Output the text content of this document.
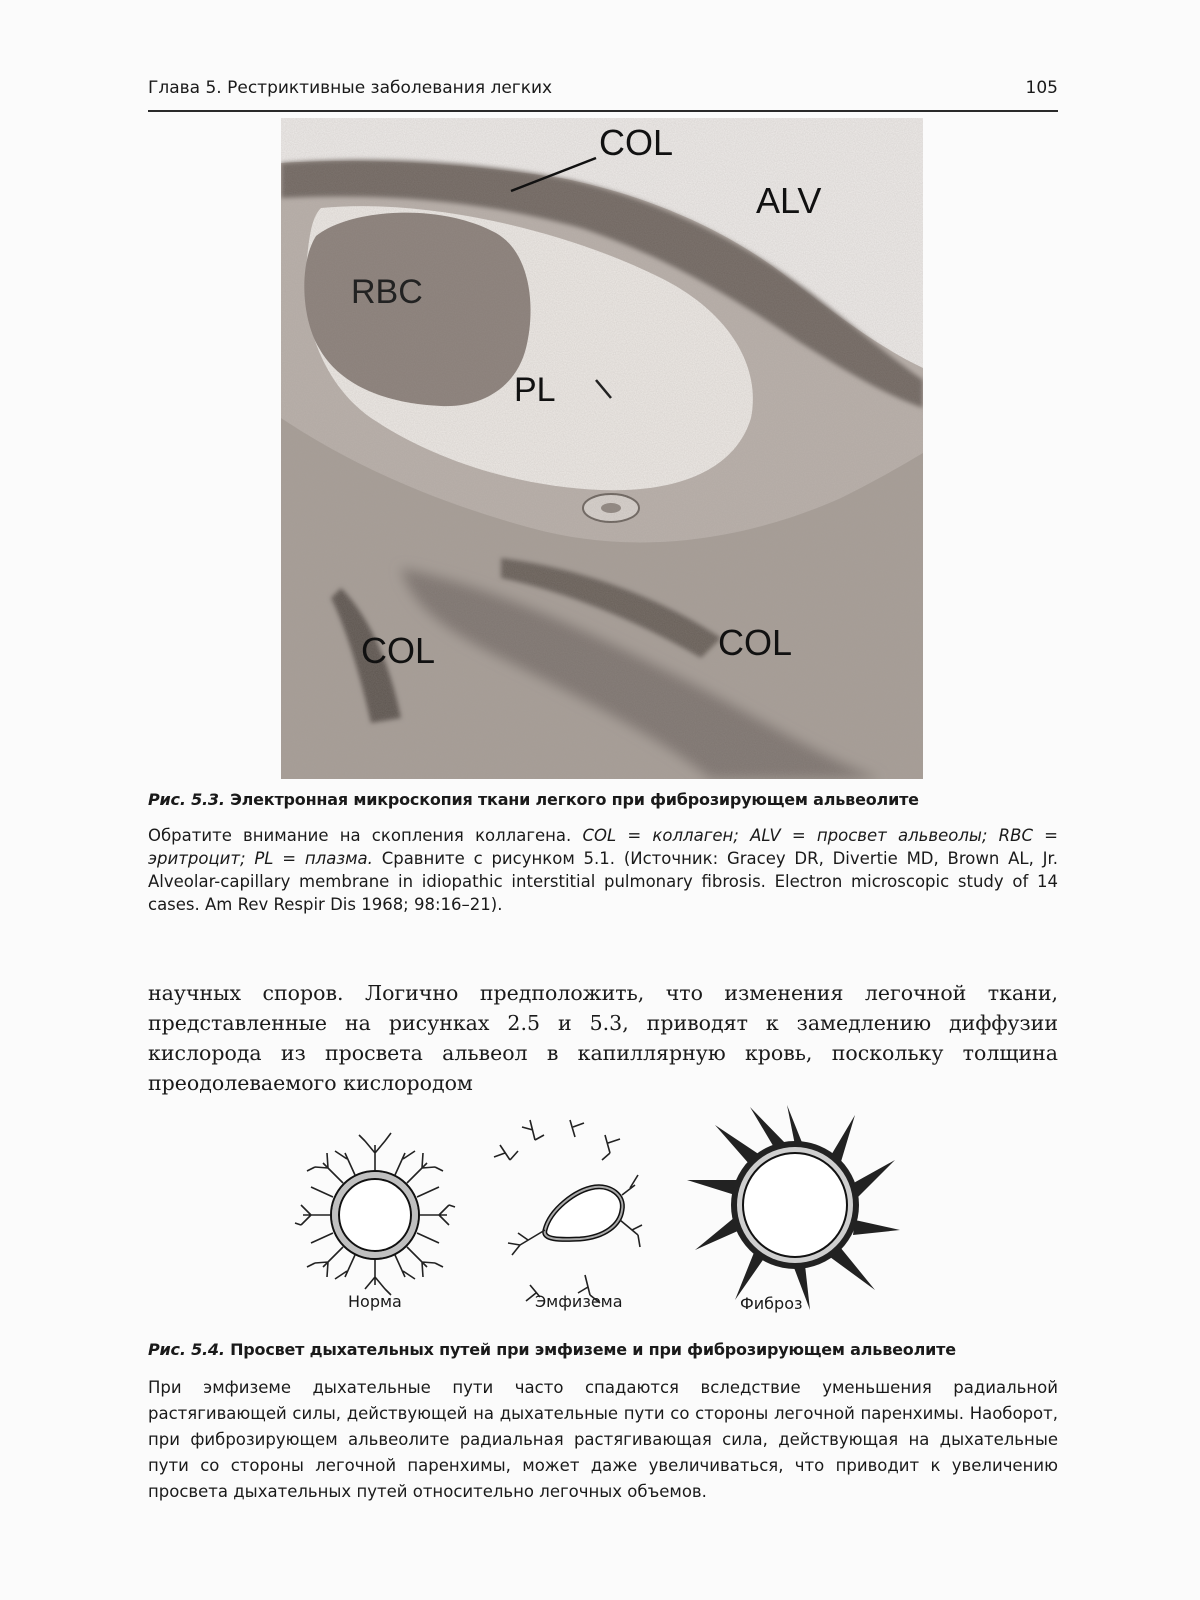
Глава 5. Рестриктивные заболевания легких	105
COL
ALV
RBC
PL
COL	COL
Рис. 5.3. Электронная микроскопия ткани легкого при фиброзирующем альвеолите
Обратите внимание на скопления коллагена. COL = коллаген; ALV = просвет альвеолы; RBC = эритроцит; PL = плазма. Сравните с рисунком 5.1. (Источник: Gracey DR, Divertie MD, Brown AL, Jr. Alveolar-capillary membrane in idiopathic interstitial pulmonary fibrosis. Electron microscopic study of 14 cases. Am Rev Respir Dis 1968; 98:16–21).
научных споров. Логично предположить, что изменения легочной ткани, представленные на рисунках 2.5 и 5.3, приводят к замедлению диффузии кислорода из просвета альвеол в капиллярную кровь, поскольку толщина преодолеваемого кислородом
Норма	Эмфизема	Фиброз
Рис. 5.4. Просвет дыхательных путей при эмфиземе и при фиброзирующем альвеолите
При эмфиземе дыхательные пути часто спадаются вследствие уменьшения радиальной растягивающей силы, действующей на дыхательные пути со стороны легочной паренхимы. Наоборот, при фиброзирующем альвеолите радиальная растягивающая сила, действующая на дыхательные пути со стороны легочной паренхимы, может даже увеличиваться, что приводит к увеличению просвета дыхательных путей относительно легочных объемов.
